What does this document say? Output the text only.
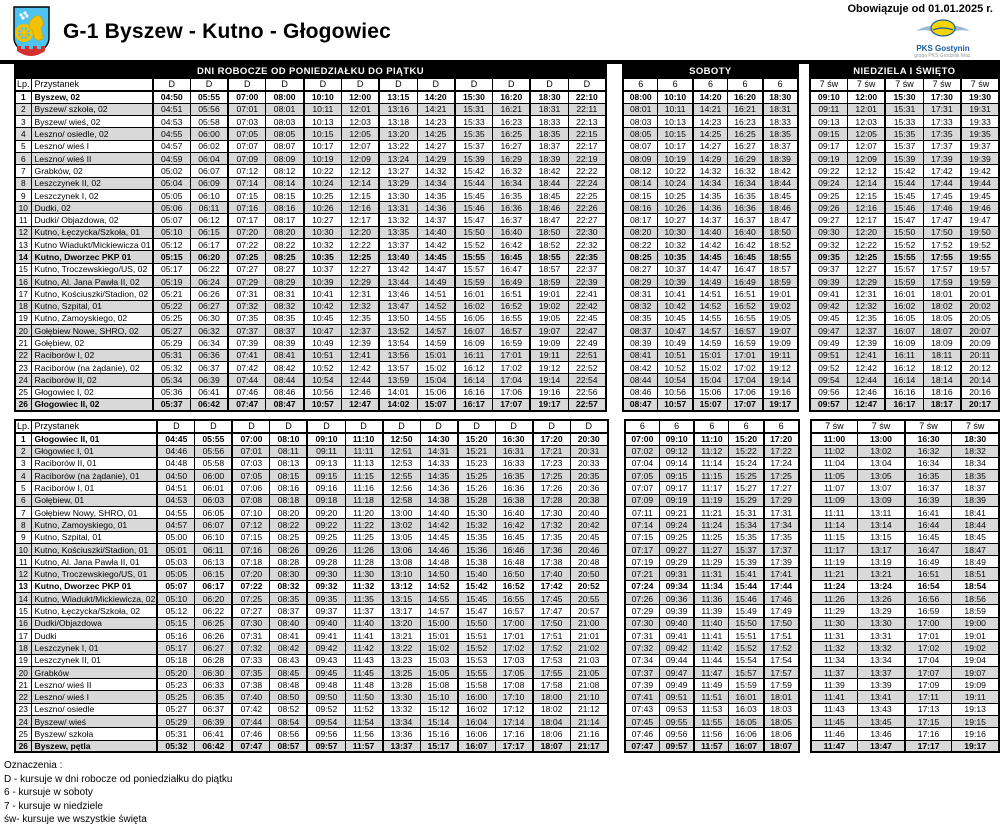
G-1 Byszew - Kutno - Głogowiec
Obowiązuje od 01.01.2025 r.
PKS Gostynin
grupa PKS Grodzisk Maz.
DNI ROBOCZE OD PONIEDZIAŁKU DO PIĄTKU													
Lp.	Przystanek	D	D	D	D	D	D	D	D	D	D	D	D
1	Byszew, 02	04:50	05:55	07:00	08:00	10:10	12:00	13:15	14:20	15:30	16:20	18:30	22:10
2	Byszew/ szkoła, 02	04:51	05:56	07:01	08:01	10:11	12:01	13:16	14:21	15:31	16:21	18:31	22:11
3	Byszew/ wieś, 02	04:53	05:58	07:03	08:03	10:13	12:03	13:18	14:23	15:33	16:23	18:33	22:13
4	Leszno/ osiedle, 02	04:55	06:00	07:05	08:05	10:15	12:05	13:20	14:25	15:35	16:25	18:35	22:15
5	Leszno/ wieś I	04:57	06:02	07:07	08:07	10:17	12:07	13:22	14:27	15:37	16:27	18:37	22:17
6	Leszno/ wieś II	04:59	06:04	07:09	08:09	10:19	12:09	13:24	14:29	15:39	16:29	18:39	22:19
7	Grabków, 02	05:02	06:07	07:12	08:12	10:22	12:12	13:27	14:32	15:42	16:32	18:42	22:22
8	Leszczynek II, 02	05:04	06:09	07:14	08:14	10:24	12:14	13:29	14:34	15:44	16:34	18:44	22:24
9	Leszczynek I, 02	05:05	06:10	07:15	08:15	10:25	12:15	13:30	14:35	15:45	16:35	18:45	22:25
10	Dudki, 02	05:06	06:11	07:16	08:16	10:26	12:16	13:31	14:36	15:46	16:36	18:46	22:26
11	Dudki/ Objazdowa, 02	05:07	06:12	07:17	08:17	10:27	12:17	13:32	14:37	15:47	16:37	18:47	22:27
12	Kutno, Łęczycka/Szkoła, 01	05:10	06:15	07:20	08:20	10:30	12:20	13:35	14:40	15:50	16:40	18:50	22:30
13	Kutno Wiadukt/Mickiewicza 01	05:12	06:17	07:22	08:22	10:32	12:22	13:37	14:42	15:52	16:42	18:52	22:32
14	Kutno, Dworzec PKP 01	05:15	06:20	07:25	08:25	10:35	12:25	13:40	14:45	15:55	16:45	18:55	22:35
15	Kutno, Troczewskiego/US, 02	05:17	06:22	07:27	08:27	10:37	12:27	13:42	14:47	15:57	16:47	18:57	22:37
16	Kutno, Al. Jana Pawła II, 02	05:19	06:24	07:29	08:29	10:39	12:29	13:44	14:49	15:59	16:49	18:59	22:39
17	Kutno, Kościuszki/Stadion, 02	05:21	06:26	07:31	08:31	10:41	12:31	13:46	14:51	16:01	16:51	19:01	22:41
18	Kutno, Szpital, 01	05:22	06:27	07:32	08:32	10:42	12:32	13:47	14:52	16:02	16:52	19:02	22:42
19	Kutno, Zamoyskiego, 02	05:25	06:30	07:35	08:35	10:45	12:35	13:50	14:55	16:05	16:55	19:05	22:45
20	Gołębiew Nowe, SHRO, 02	05:27	06:32	07:37	08:37	10:47	12:37	13:52	14:57	16:07	16:57	19:07	22:47
21	Gołębiew, 02	05:29	06:34	07:39	08:39	10:49	12:39	13:54	14:59	16:09	16:59	19:09	22:49
22	Raciborów I, 02	05:31	06:36	07:41	08:41	10:51	12:41	13:56	15:01	16:11	17:01	19:11	22:51
23	Raciborów (na żądanie), 02	05:32	06:37	07:42	08:42	10:52	12:42	13:57	15:02	16:12	17:02	19:12	22:52
24	Raciborów II, 02	05:34	06:39	07:44	08:44	10:54	12:44	13:59	15:04	16:14	17:04	19:14	22:54
25	Głogowiec I, 02	05:36	06:41	07:46	08:46	10:56	12:46	14:01	15:06	16:16	17:06	19:16	22:56
26	Głogowiec II, 02	05:37	06:42	07:47	08:47	10:57	12:47	14:02	15:07	16:17	17:07	19:17	22:57
SOBOTY				
6	6	6	6	6
08:00	10:10	14:20	16:20	18:30
08:01	10:11	14:21	16:21	18:31
08:03	10:13	14:23	16:23	18:33
08:05	10:15	14:25	16:25	18:35
08:07	10:17	14:27	16:27	18:37
08:09	10:19	14:29	16:29	18:39
08:12	10:22	14:32	16:32	18:42
08:14	10:24	14:34	16:34	18:44
08:15	10:25	14:35	16:35	18:45
08:16	10:26	14:36	16:36	18:46
08:17	10:27	14:37	16:37	18:47
08:20	10:30	14:40	16:40	18:50
08:22	10:32	14:42	16:42	18:52
08:25	10:35	14:45	16:45	18:55
08:27	10:37	14:47	16:47	18:57
08:29	10:39	14:49	16:49	18:59
08:31	10:41	14:51	16:51	19:01
08:32	10:42	14:52	16:52	19:02
08:35	10:45	14:55	16:55	19:05
08:37	10:47	14:57	16:57	19:07
08:39	10:49	14:59	16:59	19:09
08:41	10:51	15:01	17:01	19:11
08:42	10:52	15:02	17:02	19:12
08:44	10:54	15:04	17:04	19:14
08:46	10:56	15:06	17:06	19:16
08:47	10:57	15:07	17:07	19:17
NIEDZIELA I ŚWIĘTO				
7 św	7 św	7 św	7 św	7 św
09:10	12:00	15:30	17:30	19:30
09:11	12:01	15:31	17:31	19:31
09:13	12:03	15:33	17:33	19:33
09:15	12:05	15:35	17:35	19:35
09:17	12:07	15:37	17:37	19:37
09:19	12:09	15:39	17:39	19:39
09:22	12:12	15:42	17:42	19:42
09:24	12:14	15:44	17:44	19:44
09:25	12:15	15:45	17:45	19:45
09:26	12:16	15:46	17:46	19:46
09:27	12:17	15:47	17:47	19:47
09:30	12:20	15:50	17:50	19:50
09:32	12:22	15:52	17:52	19:52
09:35	12:25	15:55	17:55	19:55
09:37	12:27	15:57	17:57	19:57
09:39	12:29	15:59	17:59	19:59
09:41	12:31	16:01	18:01	20:01
09:42	12:32	16:02	18:02	20:02
09:45	12:35	16:05	18:05	20:05
09:47	12:37	16:07	18:07	20:07
09:49	12:39	16:09	18:09	20:09
09:51	12:41	16:11	18:11	20:11
09:52	12:42	16:12	18:12	20:12
09:54	12:44	16:14	18:14	20:14
09:56	12:46	16:16	18:16	20:16
09:57	12:47	16:17	18:17	20:17
Lp.	Przystanek	D	D	D	D	D	D	D	D	D	D	D	D
1	Głogowiec II, 01	04:45	05:55	07:00	08:10	09:10	11:10	12:50	14:30	15:20	16:30	17:20	20:30
2	Głogowiec I, 01	04:46	05:56	07:01	08:11	09:11	11:11	12:51	14:31	15:21	16:31	17:21	20:31
3	Raciborów II, 01	04:48	05:58	07:03	08:13	09:13	11:13	12:53	14:33	15:23	16:33	17:23	20:33
4	Raciborów (na żądanie), 01	04:50	06:00	07:05	08:15	09:15	11:15	12:55	14:35	15:25	16:35	17:25	20:35
5	Raciborów I, 01	04:51	06:01	07:06	08:16	09:16	11:16	12:56	14:36	15:26	16:36	17:26	20:36
6	Gołębiew, 01	04:53	06:03	07:08	08:18	09:18	11:18	12:58	14:38	15:28	16:38	17:28	20:38
7	Gołębiew Nowy, SHRO, 01	04:55	06:05	07:10	08:20	09:20	11:20	13:00	14:40	15:30	16:40	17:30	20:40
8	Kutno, Zamoyskiego, 01	04:57	06:07	07:12	08:22	09:22	11:22	13:02	14:42	15:32	16:42	17:32	20:42
9	Kutno, Szpital, 01	05:00	06:10	07:15	08:25	09:25	11:25	13:05	14:45	15:35	16:45	17:35	20:45
10	Kutno, Kościuszki/Stadion, 01	05:01	06:11	07:16	08:26	09:26	11:26	13:06	14:46	15:36	16:46	17:36	20:46
11	Kutno, Al. Jana Pawła II, 01	05:03	06:13	07:18	08:28	09:28	11:28	13:08	14:48	15:38	16:48	17:38	20:48
12	Kutno, Troczewskiego/US, 01	05:05	06:15	07:20	08:30	09:30	11:30	13:10	14:50	15:40	16:50	17:40	20:50
13	Kutno, Dworzec PKP 01	05:07	06:17	07:22	08:32	09:32	11:32	13:12	14:52	15:42	16:52	17:42	20:52
14	Kutno, Wiadukt/Mickiewicza, 02	05:10	06:20	07:25	08:35	09:35	11:35	13:15	14:55	15:45	16:55	17:45	20:55
15	Kutno, Łęczycka/Szkoła, 02	05:12	06:22	07:27	08:37	09:37	11:37	13:17	14:57	15:47	16:57	17:47	20:57
16	Dudki/Objazdowa	05:15	06:25	07:30	08:40	09:40	11:40	13:20	15:00	15:50	17:00	17:50	21:00
17	Dudki	05:16	06:26	07:31	08:41	09:41	11:41	13:21	15:01	15:51	17:01	17:51	21:01
18	Leszczynek I, 01	05:17	06:27	07:32	08:42	09:42	11:42	13:22	15:02	15:52	17:02	17:52	21:02
19	Leszczynek II, 01	05:18	06:28	07:33	08:43	09:43	11:43	13:23	15:03	15:53	17:03	17:53	21:03
20	Grabków	05:20	06:30	07:35	08:45	09:45	11:45	13:25	15:05	15:55	17:05	17:55	21:05
21	Leszno/ wieś II	05:23	06:33	07:38	08:48	09:48	11:48	13:28	15:08	15:58	17:08	17:58	21:08
22	Leszno/ wieś I	05:25	06:35	07:40	08:50	09:50	11:50	13:30	15:10	16:00	17:10	18:00	21:10
23	Leszno/ osiedle	05:27	06:37	07:42	08:52	09:52	11:52	13:32	15:12	16:02	17:12	18:02	21:12
24	Byszew/ wieś	05:29	06:39	07:44	08:54	09:54	11:54	13:34	15:14	16:04	17:14	18:04	21:14
25	Byszew/ szkoła	05:31	06:41	07:46	08:56	09:56	11:56	13:36	15:16	16:06	17:16	18:06	21:16
26	Byszew, pętla	05:32	06:42	07:47	08:57	09:57	11:57	13:37	15:17	16:07	17:17	18:07	21:17
6	6	6	6	6
07:00	09:10	11:10	15:20	17:20
07:02	09:12	11:12	15:22	17:22
07:04	09:14	11:14	15:24	17:24
07:05	09:15	11:15	15:25	17:25
07:07	09:17	11:17	15:27	17:27
07:09	09:19	11:19	15:29	17:29
07:11	09:21	11:21	15:31	17:31
07:14	09:24	11:24	15:34	17:34
07:15	09:25	11:25	15:35	17:35
07:17	09:27	11:27	15:37	17:37
07:19	09:29	11:29	15:39	17:39
07:21	09:31	11:31	15:41	17:41
07:24	09:34	11:34	15:44	17:44
07:26	09:36	11:36	15:46	17:46
07:29	09:39	11:39	15:49	17:49
07:30	09:40	11:40	15:50	17:50
07:31	09:41	11:41	15:51	17:51
07:32	09:42	11:42	15:52	17:52
07:34	09:44	11:44	15:54	17:54
07:37	09:47	11:47	15:57	17:57
07:39	09:49	11:49	15:59	17:59
07:41	09:51	11:51	16:01	18:01
07:43	09:53	11:53	16:03	18:03
07:45	09:55	11:55	16:05	18:05
07:46	09:56	11:56	16:06	18:06
07:47	09:57	11:57	16:07	18:07
7 św	7 św	7 św	7 św
11:00	13:00	16:30	18:30
11:02	13:02	16:32	18:32
11:04	13:04	16:34	18:34
11:05	13:05	16:35	18:35
11:07	13:07	16:37	18:37
11:09	13:09	16:39	18:39
11:11	13:11	16:41	18:41
11:14	13:14	16:44	18:44
11:15	13:15	16:45	18:45
11:17	13:17	16:47	18:47
11:19	13:19	16:49	18:49
11:21	13:21	16:51	18:51
11:24	13:24	16:54	18:54
11:26	13:26	16:56	18:56
11:29	13:29	16:59	18:59
11:30	13:30	17:00	19:00
11:31	13:31	17:01	19:01
11:32	13:32	17:02	19:02
11:34	13:34	17:04	19:04
11:37	13:37	17:07	19:07
11:39	13:39	17:09	19:09
11:41	13:41	17:11	19:11
11:43	13:43	17:13	19:13
11:45	13:45	17:15	19:15
11:46	13:46	17:16	19:16
11:47	13:47	17:17	19:17
Oznaczenia :
D - kursuje w dni robocze od poniedziałku do piątku
6 - kursuje w soboty
7 - kursuje w niedziele
św- kursuje we wszystkie święta
